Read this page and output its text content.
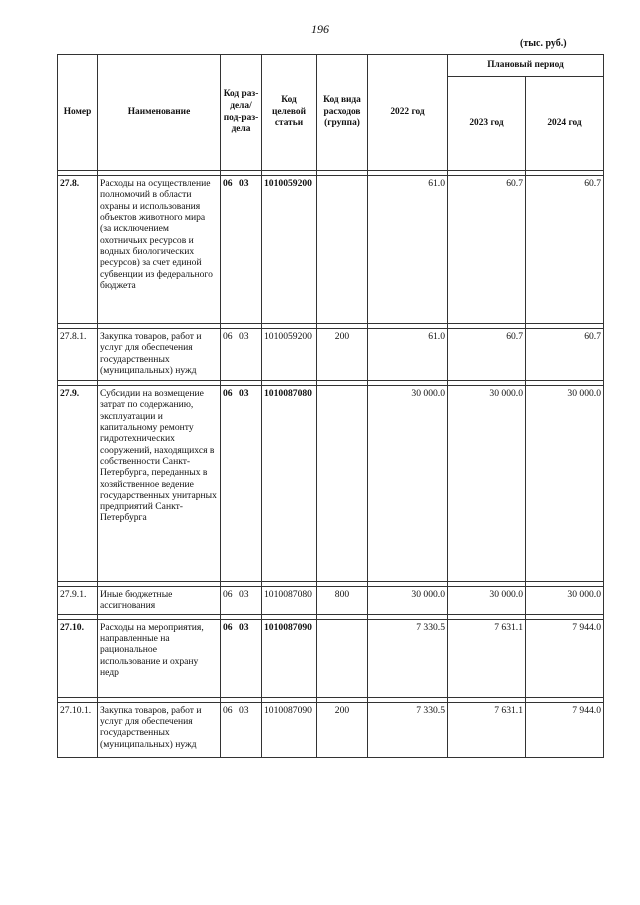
196
(тыс. руб.)
Номер	Наименование	Код раз-дела/ под-раз-дела	Код целевой статьи	Код вида расходов (группа)	2022 год	Плановый период	
						2023 год	2024 год

27.8.	Расходы на осуществление полномочий в области охраны и использования объектов животного мира (за исключением охотничьих ресурсов и водных биологических ресурсов) за счет единой субвенции из федерального бюджета	06 03	1010059200		61.0	60.7	60.7

27.8.1.	Закупка товаров, работ и услуг для обеспечения государственных (муниципальных) нужд	06 03	1010059200	200	61.0	60.7	60.7

27.9.	Субсидии на возмещение затрат по содержанию, эксплуатации и капитальному ремонту гидротехнических сооружений, находящихся в собственности Санкт-Петербурга, переданных в хозяйственное ведение государственных унитарных предприятий Санкт-Петербурга	06 03	1010087080		30 000.0	30 000.0	30 000.0

27.9.1.	Иные бюджетные ассигнования	06 03	1010087080	800	30 000.0	30 000.0	30 000.0

27.10.	Расходы на мероприятия, направленные на рациональное использование и охрану недр	06 03	1010087090		7 330.5	7 631.1	7 944.0

27.10.1.	Закупка товаров, работ и услуг для обеспечения государственных (муниципальных) нужд	06 03	1010087090	200	7 330.5	7 631.1	7 944.0
